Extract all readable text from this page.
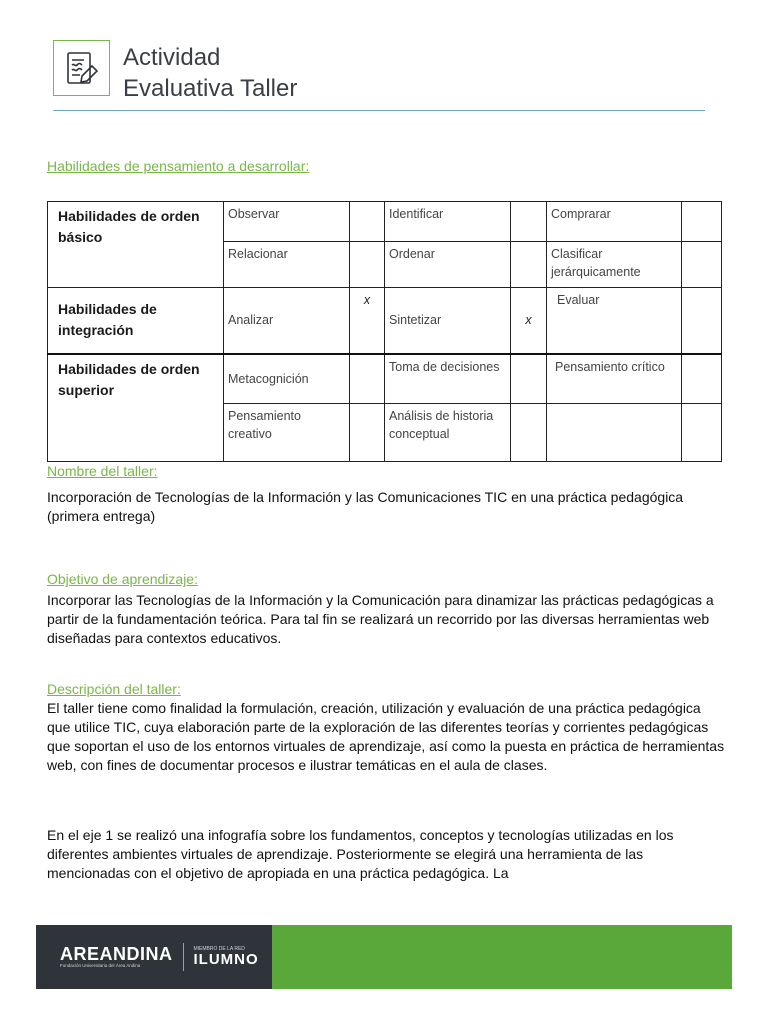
Actividad
Evaluativa Taller
Habilidades de pensamiento a desarrollar:
Habilidades de orden básico	Observar		Identificar		Comprarar	
	Relacionar		Ordenar		Clasificar jerárquicamente	
Habilidades de integración	Analizar	x	Sintetizar	x	Evaluar	
Habilidades de orden superior	Metacognición		Toma de decisiones		Pensamiento crítico	
	Pensamiento creativo		Análisis de historia conceptual			
Nombre del taller:
Incorporación de Tecnologías de la Información y las Comunicaciones TIC en una práctica pedagógica
(primera entrega)
Objetivo de aprendizaje:
Incorporar las Tecnologías de la Información y la Comunicación para dinamizar las prácticas pedagógicas a partir de la fundamentación teórica. Para tal fin se realizará un recorrido por las diversas herramientas web diseñadas para contextos educativos.
Descripción del taller:
El taller tiene como finalidad la formulación, creación, utilización y evaluación de una práctica pedagógica que utilice TIC, cuya elaboración parte de la exploración de las diferentes teorías y corrientes pedagógicas que soportan el uso de los entornos virtuales de aprendizaje, así como la puesta en práctica de herramientas web, con fines de documentar procesos e ilustrar temáticas en el aula de clases.
En el eje 1 se realizó una infografía sobre los fundamentos, conceptos y tecnologías utilizadas en los diferentes ambientes virtuales de aprendizaje. Posteriormente se elegirá una herramienta de las mencionadas con el objetivo de apropiada en una práctica pedagógica. La
AREANDINA
Fundación Universitaria del Área Andina
MIEMBRO DE LA RED
ILUMNO
